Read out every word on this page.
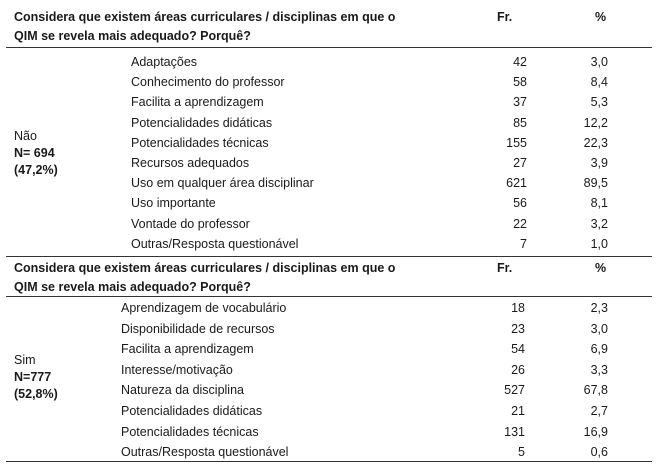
Considera que existem áreas curriculares / disciplinas em que o
QIM se revela mais adequado? Porquê?
Fr.	%
Não
N= 694
(47,2%)
Adaptações	42	3,0
Conhecimento do professor	58	8,4
Facilita a aprendizagem	37	5,3
Potencialidades didáticas	85	12,2
Potencialidades técnicas	155	22,3
Recursos adequados	27	3,9
Uso em qualquer área disciplinar	621	89,5
Uso importante	56	8,1
Vontade do professor	22	3,2
Outras/Resposta questionável	7	1,0
Considera que existem áreas curriculares / disciplinas em que o
QIM se revela mais adequado? Porquê?
Fr.	%
Sim
N=777
(52,8%)
Aprendizagem de vocabulário	18	2,3
Disponibilidade de recursos	23	3,0
Facilita a aprendizagem	54	6,9
Interesse/motivação	26	3,3
Natureza da disciplina	527	67,8
Potencialidades didáticas	21	2,7
Potencialidades técnicas	131	16,9
Outras/Resposta questionável	5	0,6
